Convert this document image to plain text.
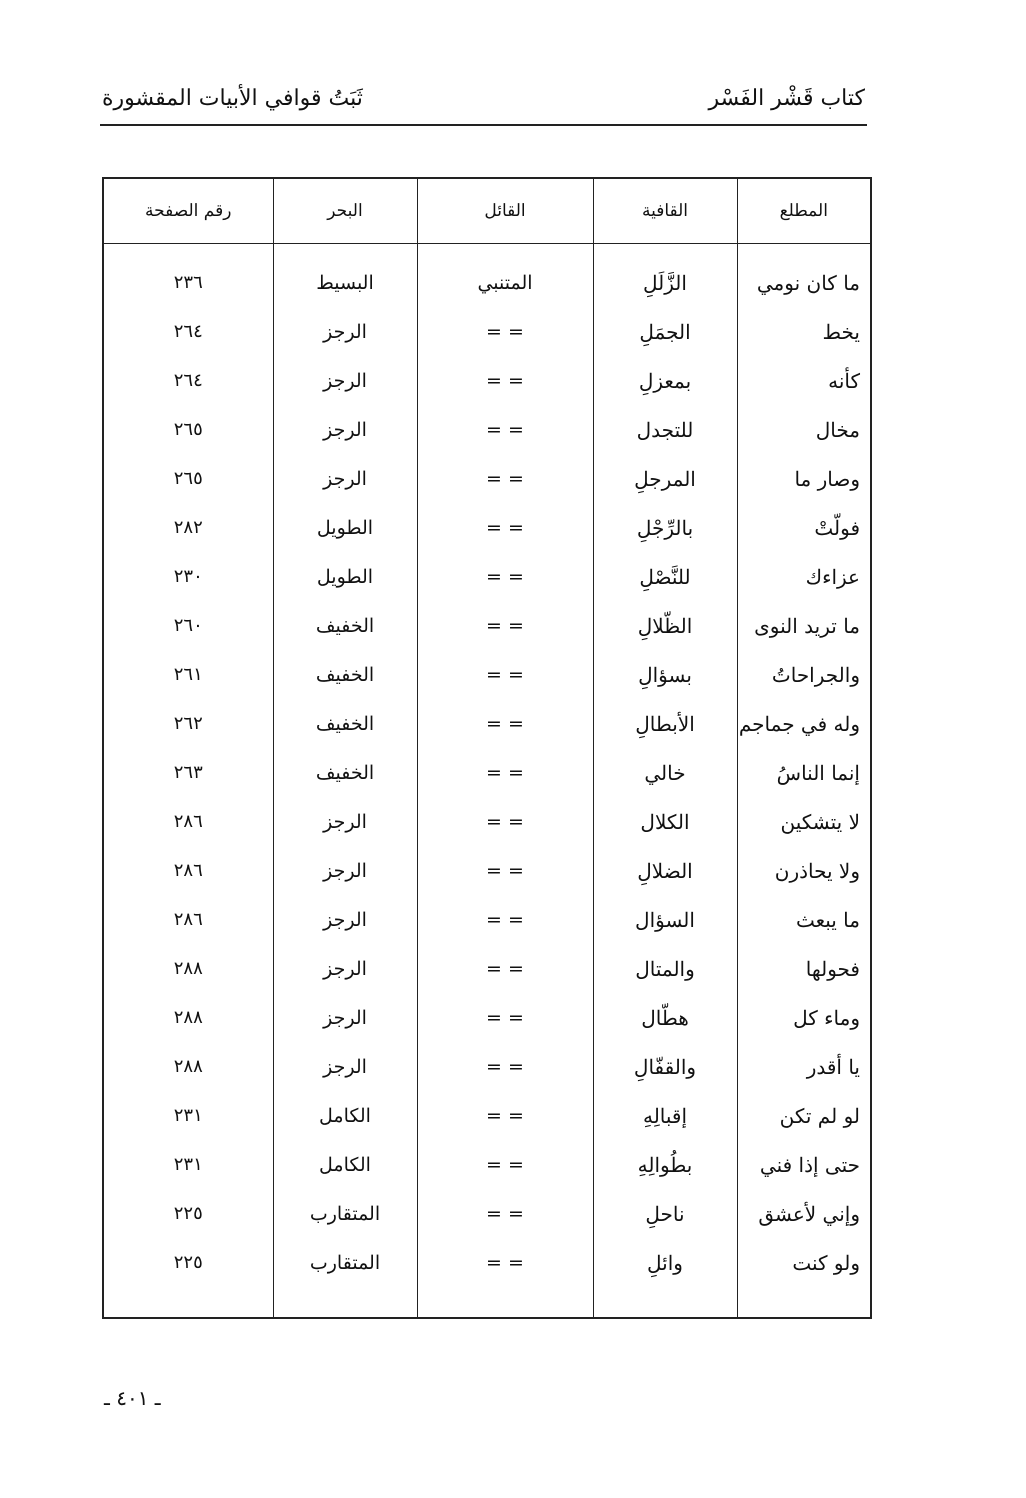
كتاب قَشْر الفَسْر
ثَبَتُ قوافي الأبيات المقشورة
المطلع	القافية	القائل	البحر	رقم الصفحة

ما كان نومي	الزَّلَلِ	المتنبي	البسيط	٢٣٦
يخط	الجمَلِ	= =	الرجز	٢٦٤
كأنه	بمعزلِ	= =	الرجز	٢٦٤
مخال	للتجدل	= =	الرجز	٢٦٥
وصار ما	المرجلِ	= =	الرجز	٢٦٥
فولّتْ	بالرِّجْلِ	= =	الطويل	٢٨٢
عزاءك	للنَّصْلِ	= =	الطويل	٢٣٠
ما تريد النوى	الظّلالِ	= =	الخفيف	٢٦٠
والجراحاتُ	بسؤالِ	= =	الخفيف	٢٦١
وله في جماجم	الأبطالِ	= =	الخفيف	٢٦٢
إنما الناسُ	خالي	= =	الخفيف	٢٦٣
لا يتشكين	الكلال	= =	الرجز	٢٨٦
ولا يحاذرن	الضلالِ	= =	الرجز	٢٨٦
ما يبعث	السؤال	= =	الرجز	٢٨٦
فحولها	والمتال	= =	الرجز	٢٨٨
وماء كل	هطّال	= =	الرجز	٢٨٨
يا أقدر	والقفّالِ	= =	الرجز	٢٨٨
لو لم تكن	إقبالِهِ	= =	الكامل	٢٣١
حتى إذا فني	بطُوالِهِ	= =	الكامل	٢٣١
وإني لأعشق	ناحلِ	= =	المتقارب	٢٢٥
ولو كنت	وائلِ	= =	المتقارب	٢٢٥

ـ ٤٠١ ـ
